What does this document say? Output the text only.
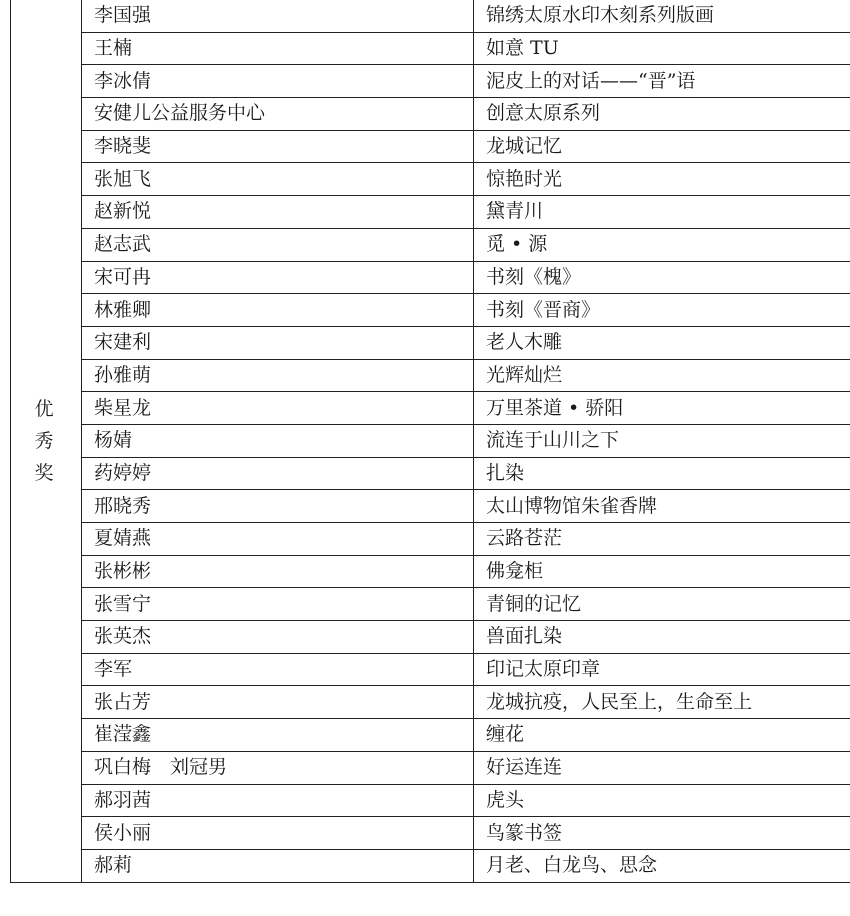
优秀奖	李国强	锦绣太原水印木刻系列版画
	王楠	如意 TU
	李冰倩	泥皮上的对话——“晋”语
	安健儿公益服务中心	创意太原系列
	李晓斐	龙城记忆
	张旭飞	惊艳时光
	赵新悦	黛青川
	赵志武	觅 • 源
	宋可冉	书刻《槐》
	林雅卿	书刻《晋商》
	宋建利	老人木雕
	孙雅萌	光辉灿烂
	柴星龙	万里茶道 • 骄阳
	杨婧	流连于山川之下
	药婷婷	扎染
	邢晓秀	太山博物馆朱雀香牌
	夏婧燕	云路苍茫
	张彬彬	佛龛柜
	张雪宁	青铜的记忆
	张英杰	兽面扎染
	李军	印记太原印章
	张占芳	龙城抗疫，人民至上，生命至上
	崔滢鑫	缠花
	巩白梅　刘冠男	好运连连
	郝羽茜	虎头
	侯小丽	鸟篆书签
	郝莉	月老、白龙鸟、思念
